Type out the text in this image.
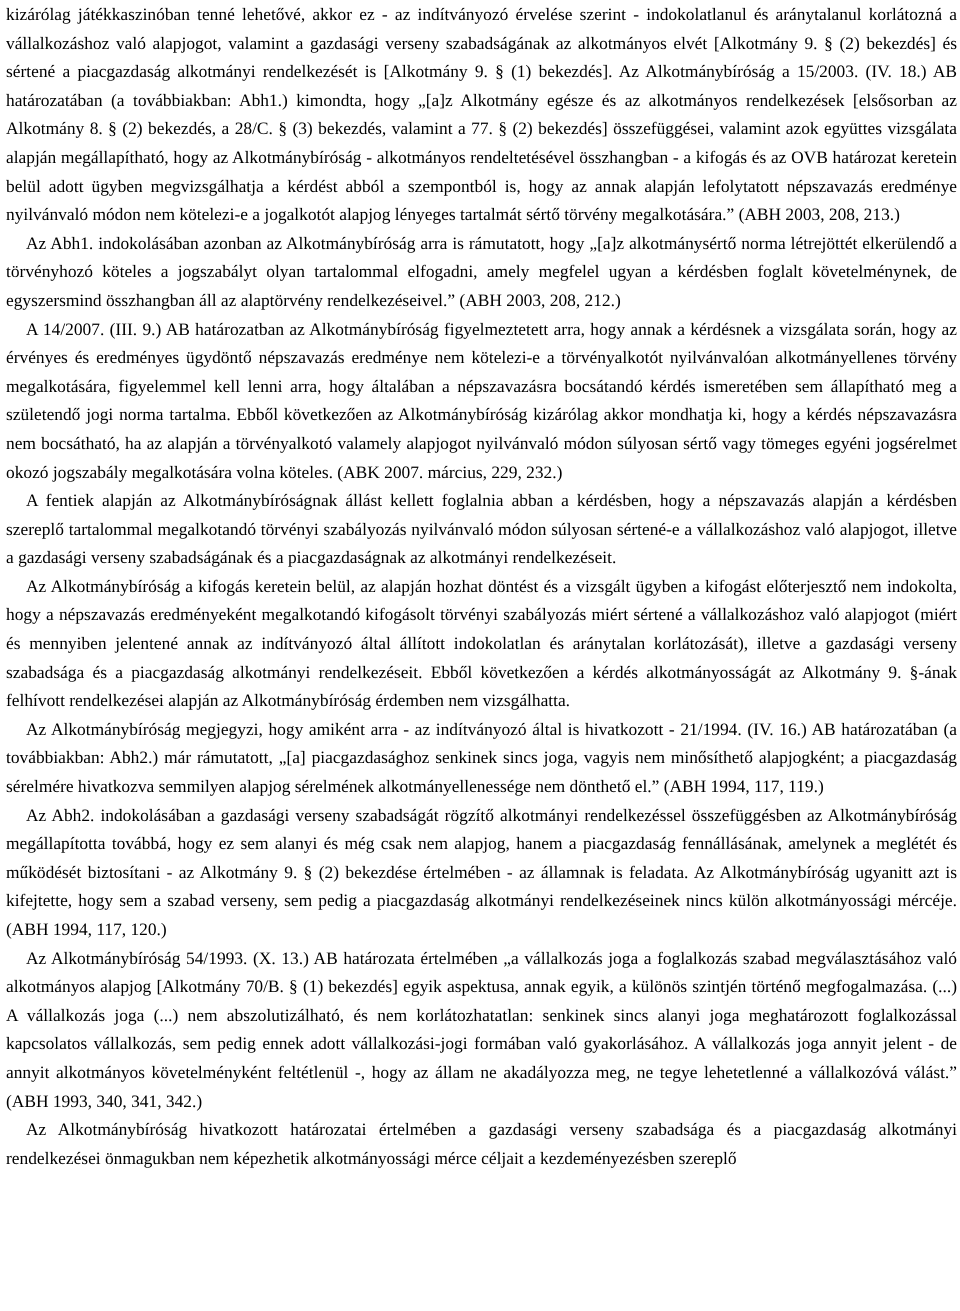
kizárólag játékkaszinóban tenné lehetővé, akkor ez - az indítványozó érvelése szerint - indokolatlanul és aránytalanul korlátozná a vállalkozáshoz való alapjogot, valamint a gazdasági verseny szabadságának az alkotmányos elvét [Alkotmány 9. § (2) bekezdés] és sértené a piacgazdaság alkotmányi rendelkezését is [Alkotmány 9. § (1) bekezdés]. Az Alkotmánybíróság a 15/2003. (IV. 18.) AB határozatában (a továbbiakban: Abh1.) kimondta, hogy „[a]z Alkotmány egésze és az alkotmányos rendelkezések [elsősorban az Alkotmány 8. § (2) bekezdés, a 28/C. § (3) bekezdés, valamint a 77. § (2) bekezdés] összefüggései, valamint azok együttes vizsgálata alapján megállapítható, hogy az Alkotmánybíróság - alkotmányos rendeltetésével összhangban - a kifogás és az OVB határozat keretein belül adott ügyben megvizsgálhatja a kérdést abból a szempontból is, hogy az annak alapján lefolytatott népszavazás eredménye nyilvánvaló módon nem kötelezi-e a jogalkotót alapjog lényeges tartalmát sértő törvény megalkotására.” (ABH 2003, 208, 213.)

Az Abh1. indokolásában azonban az Alkotmánybíróság arra is rámutatott, hogy „[a]z alkotmánysértő norma létrejöttét elkerülendő a törvényhozó köteles a jogszabályt olyan tartalommal elfogadni, amely megfelel ugyan a kérdésben foglalt követelménynek, de egyszersmind összhangban áll az alaptörvény rendelkezéseivel.” (ABH 2003, 208, 212.)

A 14/2007. (III. 9.) AB határozatban az Alkotmánybíróság figyelmeztetett arra, hogy annak a kérdésnek a vizsgálata során, hogy az érvényes és eredményes ügydöntő népszavazás eredménye nem kötelezi-e a törvényalkotót nyilvánvalóan alkotmányellenes törvény megalkotására, figyelemmel kell lenni arra, hogy általában a népszavazásra bocsátandó kérdés ismeretében sem állapítható meg a születendő jogi norma tartalma. Ebből következően az Alkotmánybíróság kizárólag akkor mondhatja ki, hogy a kérdés népszavazásra nem bocsátható, ha az alapján a törvényalkotó valamely alapjogot nyilvánvaló módon súlyosan sértő vagy tömeges egyéni jogsérelmet okozó jogszabály megalkotására volna köteles. (ABK 2007. március, 229, 232.)

A fentiek alapján az Alkotmánybíróságnak állást kellett foglalnia abban a kérdésben, hogy a népszavazás alapján a kérdésben szereplő tartalommal megalkotandó törvényi szabályozás nyilvánvaló módon súlyosan sértené-e a vállalkozáshoz való alapjogot, illetve a gazdasági verseny szabadságának és a piacgazdaságnak az alkotmányi rendelkezéseit.

Az Alkotmánybíróság a kifogás keretein belül, az alapján hozhat döntést és a vizsgált ügyben a kifogást előterjesztő nem indokolta, hogy a népszavazás eredményeként megalkotandó kifogásolt törvényi szabályozás miért sértené a vállalkozáshoz való alapjogot (miért és mennyiben jelentené annak az indítványozó által állított indokolatlan és aránytalan korlátozását), illetve a gazdasági verseny szabadsága és a piacgazdaság alkotmányi rendelkezéseit. Ebből következően a kérdés alkotmányosságát az Alkotmány 9. §-ának felhívott rendelkezései alapján az Alkotmánybíróság érdemben nem vizsgálhatta.

Az Alkotmánybíróság megjegyzi, hogy amiként arra - az indítványozó által is hivatkozott - 21/1994. (IV. 16.) AB határozatában (a továbbiakban: Abh2.) már rámutatott, „[a] piacgazdasághoz senkinek sincs joga, vagyis nem minősíthető alapjogként; a piacgazdaság sérelmére hivatkozva semmilyen alapjog sérelmének alkotmányellenessége nem dönthető el.” (ABH 1994, 117, 119.)

Az Abh2. indokolásában a gazdasági verseny szabadságát rögzítő alkotmányi rendelkezéssel összefüggésben az Alkotmánybíróság megállapította továbbá, hogy ez sem alanyi és még csak nem alapjog, hanem a piacgazdaság fennállásának, amelynek a meglétét és működését biztosítani - az Alkotmány 9. § (2) bekezdése értelmében - az államnak is feladata. Az Alkotmánybíróság ugyanitt azt is kifejtette, hogy sem a szabad verseny, sem pedig a piacgazdaság alkotmányi rendelkezéseinek nincs külön alkotmányossági mércéje. (ABH 1994, 117, 120.)

Az Alkotmánybíróság 54/1993. (X. 13.) AB határozata értelmében „a vállalkozás joga a foglalkozás szabad megválasztásához való alkotmányos alapjog [Alkotmány 70/B. § (1) bekezdés] egyik aspektusa, annak egyik, a különös szintjén történő megfogalmazása. (...) A vállalkozás joga (...) nem abszolutizálható, és nem korlátozhatatlan: senkinek sincs alanyi joga meghatározott foglalkozással kapcsolatos vállalkozás, sem pedig ennek adott vállalkozási-jogi formában való gyakorlásához. A vállalkozás joga annyit jelent - de annyit alkotmányos követelményként feltétlenül -, hogy az állam ne akadályozza meg, ne tegye lehetetlenné a vállalkozóvá válást.” (ABH 1993, 340, 341, 342.)

Az Alkotmánybíróság hivatkozott határozatai értelmében a gazdasági verseny szabadsága és a piacgazdaság alkotmányi rendelkezései önmagukban nem képezhetik alkotmányossági mérce céljait a kezdeményezésben szereplő
